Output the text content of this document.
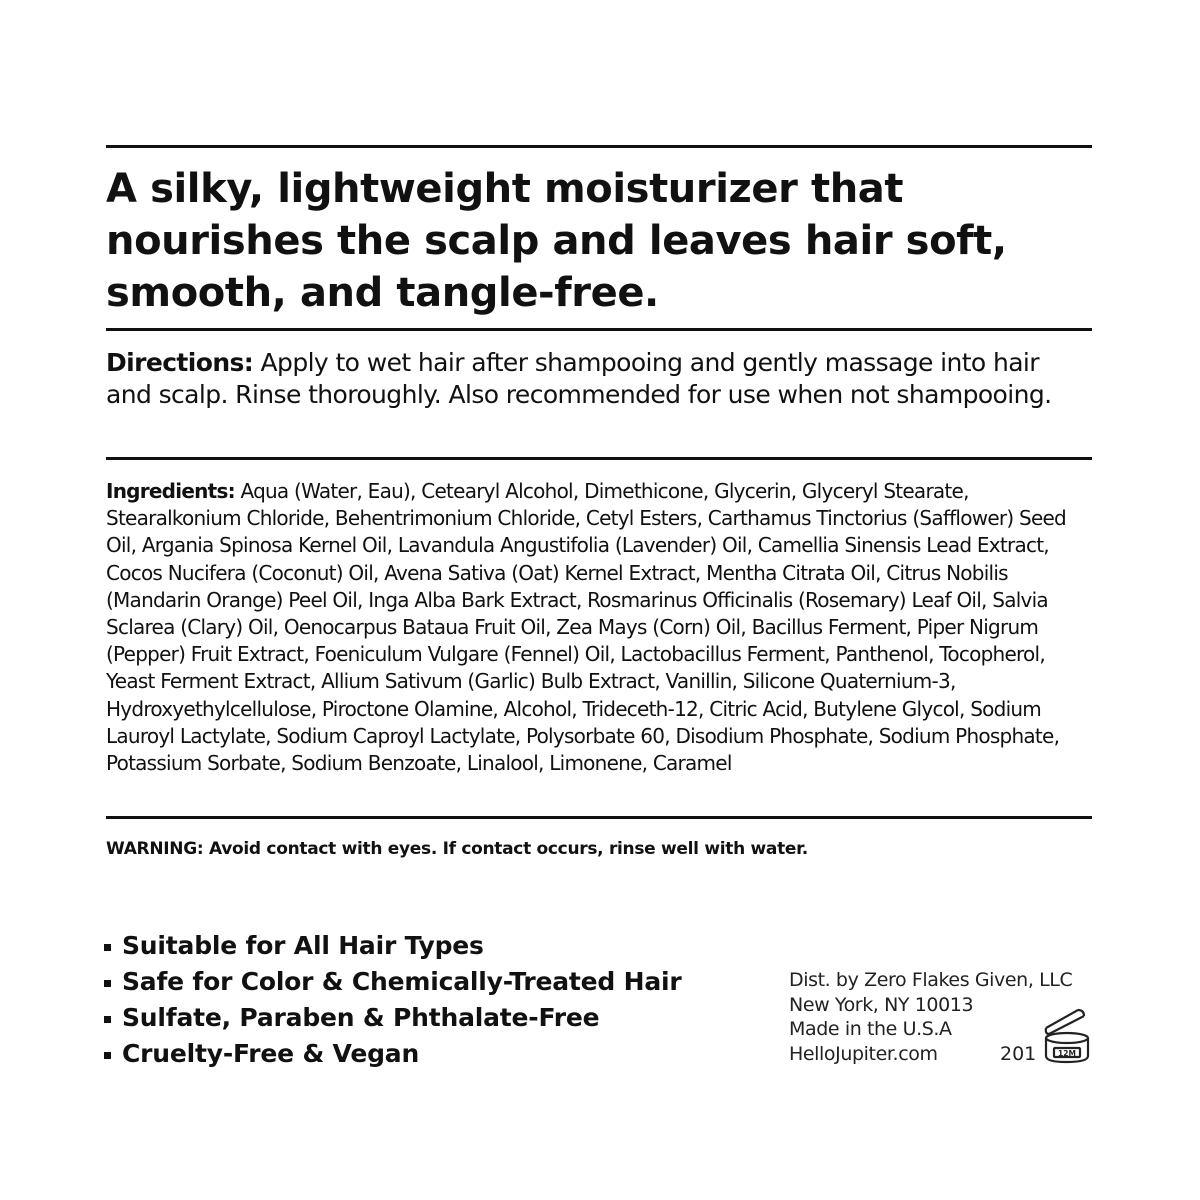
A silky, lightweight moisturizer that nourishes the scalp and leaves hair soft, smooth, and tangle-free.

Directions: Apply to wet hair after shampooing and gently massage into hair and scalp. Rinse thoroughly. Also recommended for use when not shampooing.

Ingredients: Aqua (Water, Eau), Cetearyl Alcohol, Dimethicone, Glycerin, Glyceryl Stearate, Stearalkonium Chloride, Behentrimonium Chloride, Cetyl Esters, Carthamus Tinctorius (Safflower) Seed Oil, Argania Spinosa Kernel Oil, Lavandula Angustifolia (Lavender) Oil, Camellia Sinensis Lead Extract, Cocos Nucifera (Coconut) Oil, Avena Sativa (Oat) Kernel Extract, Mentha Citrata Oil, Citrus Nobilis (Mandarin Orange) Peel Oil, Inga Alba Bark Extract, Rosmarinus Officinalis (Rosemary) Leaf Oil, Salvia Sclarea (Clary) Oil, Oenocarpus Bataua Fruit Oil, Zea Mays (Corn) Oil, Bacillus Ferment, Piper Nigrum (Pepper) Fruit Extract, Foeniculum Vulgare (Fennel) Oil, Lactobacillus Ferment, Panthenol, Tocopherol, Yeast Ferment Extract, Allium Sativum (Garlic) Bulb Extract, Vanillin, Silicone Quaternium-3, Hydroxyethylcellulose, Piroctone Olamine, Alcohol, Trideceth-12, Citric Acid, Butylene Glycol, Sodium Lauroyl Lactylate, Sodium Caproyl Lactylate, Polysorbate 60, Disodium Phosphate, Sodium Phosphate, Potassium Sorbate, Sodium Benzoate, Linalool, Limonene, Caramel

WARNING: Avoid contact with eyes. If contact occurs, rinse well with water.

Suitable for All Hair Types
Safe for Color & Chemically-Treated Hair
Sulfate, Paraben & Phthalate-Free
Cruelty-Free & Vegan
Dist. by Zero Flakes Given, LLC
New York, NY 10013
Made in the U.S.A
HelloJupiter.com	201	12M
